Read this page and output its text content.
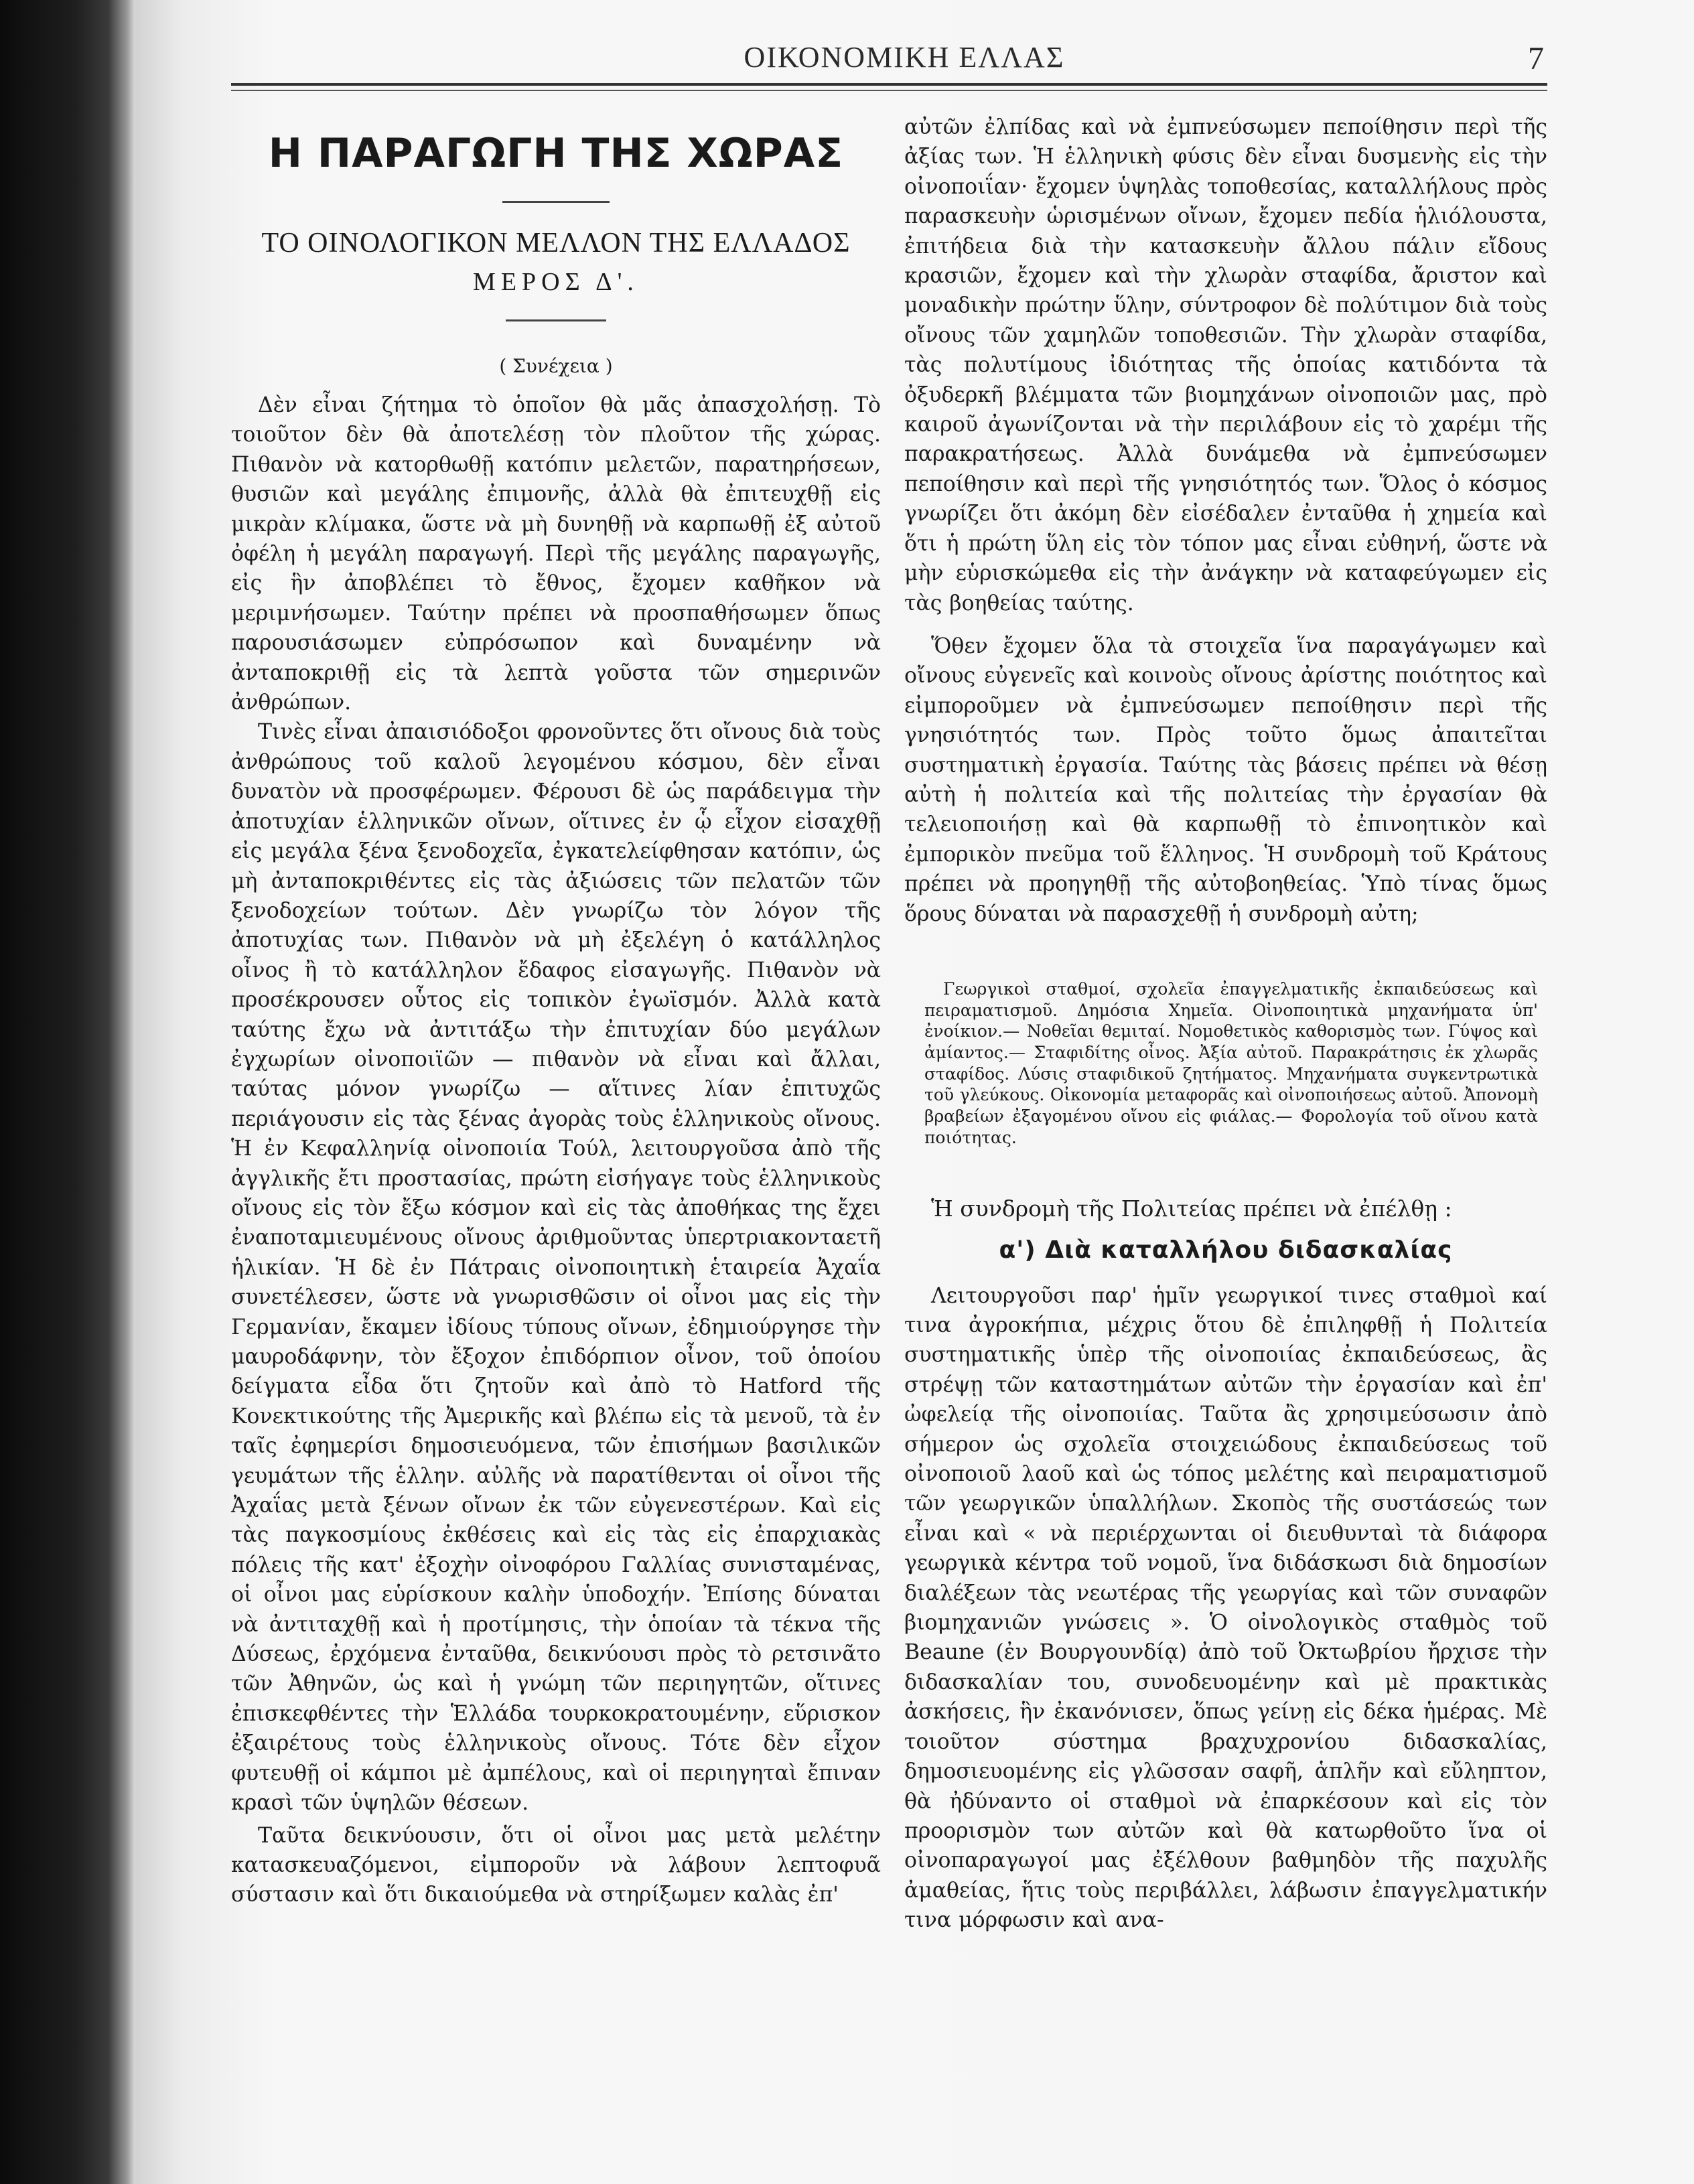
ΟΙΚΟΝΟΜΙΚΗ ΕΛΛΑΣ	7
Η ΠΑΡΑΓΩΓΗ ΤΗΣ ΧΩΡΑΣ
ΤΟ ΟΙΝΟΛΟΓΙΚΟΝ ΜΕΛΛΟΝ ΤΗΣ ΕΛΛΑΔΟΣ
ΜΕΡΟΣ Δ'.
( Συνέχεια )

Δὲν εἶναι ζήτημα τὸ ὁποῖον θὰ μᾶς ἀπασχολήσῃ. Τὸ τοιοῦτον δὲν θὰ ἀποτελέσῃ τὸν πλοῦτον τῆς χώρας. Πιθανὸν νὰ κατορθωθῇ κατόπιν μελετῶν, παρατηρήσεων, θυσιῶν καὶ μεγάλης ἐπιμονῆς, ἀλλὰ θὰ ἐπιτευχθῇ εἰς μικρὰν κλίμακα, ὥστε νὰ μὴ δυνηθῇ νὰ καρπωθῇ ἐξ αὐτοῦ ὀφέλη ἡ μεγάλη παραγωγή. Περὶ τῆς μεγάλης παραγωγῆς, εἰς ἣν ἀποβλέπει τὸ ἔθνος, ἔχομεν καθῆκον νὰ μεριμνήσωμεν. Ταύτην πρέπει νὰ προσπαθήσωμεν ὅπως παρουσιάσωμεν εὐπρόσωπον καὶ δυναμένην νὰ ἀνταποκριθῇ εἰς τὰ λεπτὰ γοῦστα τῶν σημερινῶν ἀνθρώπων.

Τινὲς εἶναι ἀπαισιόδοξοι φρονοῦντες ὅτι οἴνους διὰ τοὺς ἀνθρώπους τοῦ καλοῦ λεγομένου κόσμου, δὲν εἶναι δυνατὸν νὰ προσφέρωμεν. Φέρουσι δὲ ὡς παράδειγμα τὴν ἀποτυχίαν ἑλληνικῶν οἴνων, οἵτινες ἐν ᾧ εἶχον εἰσαχθῇ εἰς μεγάλα ξένα ξενοδοχεῖα, ἐγκατελείφθησαν κατόπιν, ὡς μὴ ἀνταποκριθέντες εἰς τὰς ἀξιώσεις τῶν πελατῶν τῶν ξενοδοχείων τούτων. Δὲν γνωρίζω τὸν λόγον τῆς ἀποτυχίας των. Πιθανὸν νὰ μὴ ἐξελέγη ὁ κατάλληλος οἶνος ἢ τὸ κατάλληλον ἔδαφος εἰσαγωγῆς. Πιθανὸν νὰ προσέκρουσεν οὗτος εἰς τοπικὸν ἐγωϊσμόν. Ἀλλὰ κατὰ ταύτης ἔχω νὰ ἀντιτάξω τὴν ἐπιτυχίαν δύο μεγάλων ἐγχωρίων οἰνοποιϊῶν — πιθανὸν νὰ εἶναι καὶ ἄλλαι, ταύτας μόνον γνωρίζω — αἵτινες λίαν ἐπιτυχῶς περιάγουσιν εἰς τὰς ξένας ἀγορὰς τοὺς ἑλληνικοὺς οἴνους. Ἡ ἐν Κεφαλληνίᾳ οἰνοποιία Τούλ, λειτουργοῦσα ἀπὸ τῆς ἀγγλικῆς ἔτι προστασίας, πρώτη εἰσήγαγε τοὺς ἑλληνικοὺς οἴνους εἰς τὸν ἔξω κόσμον καὶ εἰς τὰς ἀποθήκας της ἔχει ἐναποταμιευμένους οἴνους ἀριθμοῦντας ὑπερτριακονταετῆ ἡλικίαν. Ἡ δὲ ἐν Πάτραις οἰνοποιητικὴ ἑταιρεία Ἀχαΐα συνετέλεσεν, ὥστε νὰ γνωρισθῶσιν οἱ οἶνοι μας εἰς τὴν Γερμανίαν, ἔκαμεν ἰδίους τύπους οἴνων, ἐδημιούργησε τὴν μαυροδάφνην, τὸν ἔξοχον ἐπιδόρπιον οἶνον, τοῦ ὁποίου δείγματα εἶδα ὅτι ζητοῦν καὶ ἀπὸ τὸ Hatford τῆς Κονεκτικούτης τῆς Ἀμερικῆς καὶ βλέπω εἰς τὰ μενοῦ, τὰ ἐν ταῖς ἐφημερίσι δημοσιευόμενα, τῶν ἐπισήμων βασιλικῶν γευμάτων τῆς ἑλλην. αὐλῆς νὰ παρατίθενται οἱ οἶνοι τῆς Ἀχαΐας μετὰ ξένων οἴνων ἐκ τῶν εὐγενεστέρων. Καὶ εἰς τὰς παγκοσμίους ἐκθέσεις καὶ εἰς τὰς εἰς ἐπαρχιακὰς πόλεις τῆς κατ' ἐξοχὴν οἰνοφόρου Γαλλίας συνισταμένας, οἱ οἶνοι μας εὑρίσκουν καλὴν ὑποδοχήν. Ἐπίσης δύναται νὰ ἀντιταχθῇ καὶ ἡ προτίμησις, τὴν ὁποίαν τὰ τέκνα τῆς Δύσεως, ἐρχόμενα ἐνταῦθα, δεικνύουσι πρὸς τὸ ρετσινᾶτο τῶν Ἀθηνῶν, ὡς καὶ ἡ γνώμη τῶν περιηγητῶν, οἵτινες ἐπισκεφθέντες τὴν Ἑλλάδα τουρκοκρατουμένην, εὕρισκον ἐξαιρέτους τοὺς ἑλληνικοὺς οἴνους. Τότε δὲν εἶχον φυτευθῇ οἱ κάμποι μὲ ἀμπέλους, καὶ οἱ περιηγηταὶ ἔπιναν κρασὶ τῶν ὑψηλῶν θέσεων.

Ταῦτα δεικνύουσιν, ὅτι οἱ οἶνοι μας μετὰ μελέτην κατασκευαζόμενοι, εἰμποροῦν νὰ λάβουν λεπτοφυᾶ σύστασιν καὶ ὅτι δικαιούμεθα νὰ στηρίξωμεν καλὰς ἐπ'

αὐτῶν ἐλπίδας καὶ νὰ ἐμπνεύσωμεν πεποίθησιν περὶ τῆς ἀξίας των. Ἡ ἑλληνικὴ φύσις δὲν εἶναι δυσμενὴς εἰς τὴν οἰνοποιΐαν· ἔχομεν ὑψηλὰς τοποθεσίας, καταλλήλους πρὸς παρασκευὴν ὡρισμένων οἴνων, ἔχομεν πεδία ἡλιόλουστα, ἐπιτήδεια διὰ τὴν κατασκευὴν ἄλλου πάλιν εἴδους κρασιῶν, ἔχομεν καὶ τὴν χλωρὰν σταφίδα, ἄριστον καὶ μοναδικὴν πρώτην ὕλην, σύντροφον δὲ πολύτιμον διὰ τοὺς οἴνους τῶν χαμηλῶν τοποθεσιῶν. Τὴν χλωρὰν σταφίδα, τὰς πολυτίμους ἰδιότητας τῆς ὁποίας κατιδόντα τὰ ὀξυδερκῆ βλέμματα τῶν βιομηχάνων οἰνοποιῶν μας, πρὸ καιροῦ ἀγωνίζονται νὰ τὴν περιλάβουν εἰς τὸ χαρέμι τῆς παρακρατήσεως. Ἀλλὰ δυνάμεθα νὰ ἐμπνεύσωμεν πεποίθησιν καὶ περὶ τῆς γνησιότητός των. Ὅλος ὁ κόσμος γνωρίζει ὅτι ἀκόμη δὲν εἰσέδαλεν ἐνταῦθα ἡ χημεία καὶ ὅτι ἡ πρώτη ὕλη εἰς τὸν τόπον μας εἶναι εὐθηνή, ὥστε νὰ μὴν εὑρισκώμεθα εἰς τὴν ἀνάγκην νὰ καταφεύγωμεν εἰς τὰς βοηθείας ταύτης.

Ὅθεν ἔχομεν ὅλα τὰ στοιχεῖα ἵνα παραγάγωμεν καὶ οἴνους εὐγενεῖς καὶ κοινοὺς οἴνους ἀρίστης ποιότητος καὶ εἰμποροῦμεν νὰ ἐμπνεύσωμεν πεποίθησιν περὶ τῆς γνησιότητός των. Πρὸς τοῦτο ὅμως ἀπαιτεῖται συστηματικὴ ἐργασία. Ταύτης τὰς βάσεις πρέπει νὰ θέσῃ αὐτὴ ἡ πολιτεία καὶ τῆς πολιτείας τὴν ἐργασίαν θὰ τελειοποιήσῃ καὶ θὰ καρπωθῇ τὸ ἐπινοητικὸν καὶ ἐμπορικὸν πνεῦμα τοῦ ἕλληνος. Ἡ συνδρομὴ τοῦ Κράτους πρέπει νὰ προηγηθῇ τῆς αὐτοβοηθείας. Ὑπὸ τίνας ὅμως ὅρους δύναται νὰ παρασχεθῇ ἡ συνδρομὴ αὐτη;

Γεωργικοὶ σταθμοί, σχολεῖα ἐπαγγελματικῆς ἐκπαιδεύσεως καὶ πειραματισμοῦ. Δημόσια Χημεῖα. Οἰνοποιητικὰ μηχανήματα ὑπ' ἐνοίκιον.— Νοθεῖαι θεμιταί. Νομοθετικὸς καθορισμὸς των. Γύψος καὶ ἀμίαντος.— Σταφιδίτης οἶνος. Ἀξία αὐτοῦ. Παρακράτησις ἐκ χλωρᾶς σταφίδος. Λύσις σταφιδικοῦ ζητήματος. Μηχανήματα συγκεντρωτικὰ τοῦ γλεύκους. Οἰκονομία μεταφορᾶς καὶ οἰνοποιήσεως αὐτοῦ. Ἀπονομὴ βραβείων ἐξαγομένου οἴνου εἰς φιάλας.— Φορολογία τοῦ οἴνου κατὰ ποιότητας.

Ἡ συνδρομὴ τῆς Πολιτείας πρέπει νὰ ἐπέλθῃ :

α') Διὰ καταλλήλου διδασκαλίας

Λειτουργοῦσι παρ' ἡμῖν γεωργικοί τινες σταθμοὶ καί τινα ἀγροκήπια, μέχρις ὅτου δὲ ἐπιληφθῇ ἡ Πολιτεία συστηματικῆς ὑπὲρ τῆς οἰνοποιίας ἐκπαιδεύσεως, ἂς στρέψῃ τῶν καταστημάτων αὐτῶν τὴν ἐργασίαν καὶ ἐπ' ὠφελείᾳ τῆς οἰνοποιίας. Ταῦτα ἂς χρησιμεύσωσιν ἀπὸ σήμερον ὡς σχολεῖα στοιχειώδους ἐκπαιδεύσεως τοῦ οἰνοποιοῦ λαοῦ καὶ ὡς τόπος μελέτης καὶ πειραματισμοῦ τῶν γεωργικῶν ὑπαλλήλων. Σκοπὸς τῆς συστάσεώς των εἶναι καὶ « νὰ περιέρχωνται οἱ διευθυνταὶ τὰ διάφορα γεωργικὰ κέντρα τοῦ νομοῦ, ἵνα διδάσκωσι διὰ δημοσίων διαλέξεων τὰς νεωτέρας τῆς γεωργίας καὶ τῶν συναφῶν βιομηχανιῶν γνώσεις ». Ὁ οἰνολογικὸς σταθμὸς τοῦ Beaune (ἐν Βουργουνδίᾳ) ἀπὸ τοῦ Ὀκτωβρίου ἤρχισε τὴν διδασκαλίαν του, συνοδευομένην καὶ μὲ πρακτικὰς ἀσκήσεις, ἣν ἐκανόνισεν, ὅπως γείνῃ εἰς δέκα ἡμέρας. Μὲ τοιοῦτον σύστημα βραχυχρονίου διδασκαλίας, δημοσιευομένης εἰς γλῶσσαν σαφῆ, ἁπλῆν καὶ εὔληπτον, θὰ ἠδύναντο οἱ σταθμοὶ νὰ ἐπαρκέσουν καὶ εἰς τὸν προορισμὸν των αὐτῶν καὶ θὰ κατωρθοῦτο ἵνα οἱ οἰνοπαραγωγοί μας ἐξέλθουν βαθμηδὸν τῆς παχυλῆς ἀμαθείας, ἥτις τοὺς περιβάλλει, λάβωσιν ἐπαγγελματικήν τινα μόρφωσιν καὶ ανα-
